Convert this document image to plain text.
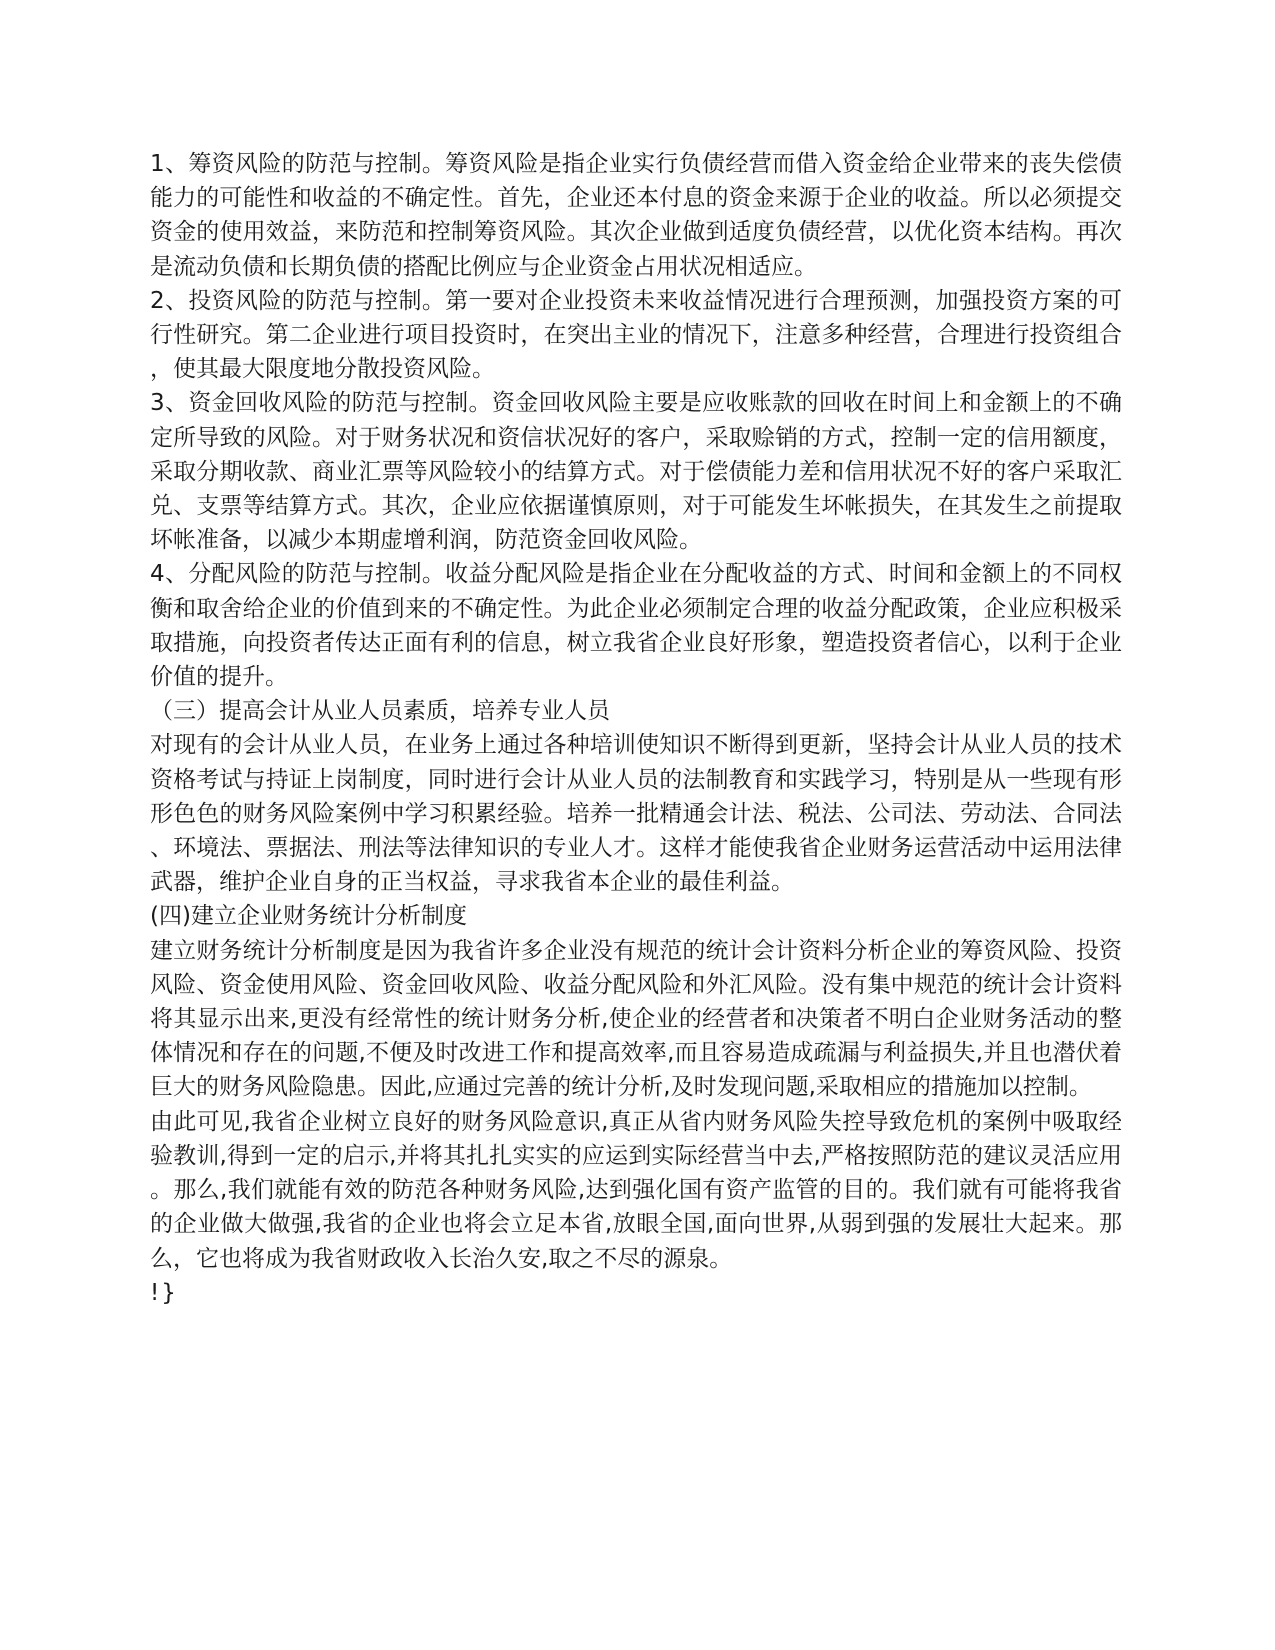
1、筹资风险的防范与控制。筹资风险是指企业实行负债经营而借入资金给企业带来的丧失偿债能力的可能性和收益的不确定性。首先，企业还本付息的资金来源于企业的收益。所以必须提交资金的使用效益，来防范和控制筹资风险。其次企业做到适度负债经营，以优化资本结构。再次是流动负债和长期负债的搭配比例应与企业资金占用状况相适应。

2、投资风险的防范与控制。第一要对企业投资未来收益情况进行合理预测，加强投资方案的可行性研究。第二企业进行项目投资时，在突出主业的情况下，注意多种经营，合理进行投资组合，使其最大限度地分散投资风险。

3、资金回收风险的防范与控制。资金回收风险主要是应收账款的回收在时间上和金额上的不确定所导致的风险。对于财务状况和资信状况好的客户，采取赊销的方式，控制一定的信用额度，采取分期收款、商业汇票等风险较小的结算方式。对于偿债能力差和信用状况不好的客户采取汇兑、支票等结算方式。其次，企业应依据谨慎原则，对于可能发生坏帐损失，在其发生之前提取坏帐准备，以减少本期虚增利润，防范资金回收风险。

4、分配风险的防范与控制。收益分配风险是指企业在分配收益的方式、时间和金额上的不同权衡和取舍给企业的价值到来的不确定性。为此企业必须制定合理的收益分配政策，企业应积极采取措施，向投资者传达正面有利的信息，树立我省企业良好形象，塑造投资者信心，以利于企业价值的提升。

（三）提高会计从业人员素质，培养专业人员

对现有的会计从业人员，在业务上通过各种培训使知识不断得到更新，坚持会计从业人员的技术资格考试与持证上岗制度，同时进行会计从业人员的法制教育和实践学习，特别是从一些现有形形色色的财务风险案例中学习积累经验。培养一批精通会计法、税法、公司法、劳动法、合同法、环境法、票据法、刑法等法律知识的专业人才。这样才能使我省企业财务运营活动中运用法律武器，维护企业自身的正当权益，寻求我省本企业的最佳利益。

(四)建立企业财务统计分析制度

建立财务统计分析制度是因为我省许多企业没有规范的统计会计资料分析企业的筹资风险、投资风险、资金使用风险、资金回收风险、收益分配风险和外汇风险。没有集中规范的统计会计资料将其显示出来,更没有经常性的统计财务分析,使企业的经营者和决策者不明白企业财务活动的整体情况和存在的问题,不便及时改进工作和提高效率,而且容易造成疏漏与利益损失,并且也潜伏着巨大的财务风险隐患。因此,应通过完善的统计分析,及时发现问题,采取相应的措施加以控制。

由此可见,我省企业树立良好的财务风险意识,真正从省内财务风险失控导致危机的案例中吸取经验教训,得到一定的启示,并将其扎扎实实的应运到实际经营当中去,严格按照防范的建议灵活应用。那么,我们就能有效的防范各种财务风险,达到强化国有资产监管的目的。我们就有可能将我省的企业做大做强,我省的企业也将会立足本省,放眼全国,面向世界,从弱到强的发展壮大起来。那么，它也将成为我省财政收入长治久安,取之不尽的源泉。

!}
